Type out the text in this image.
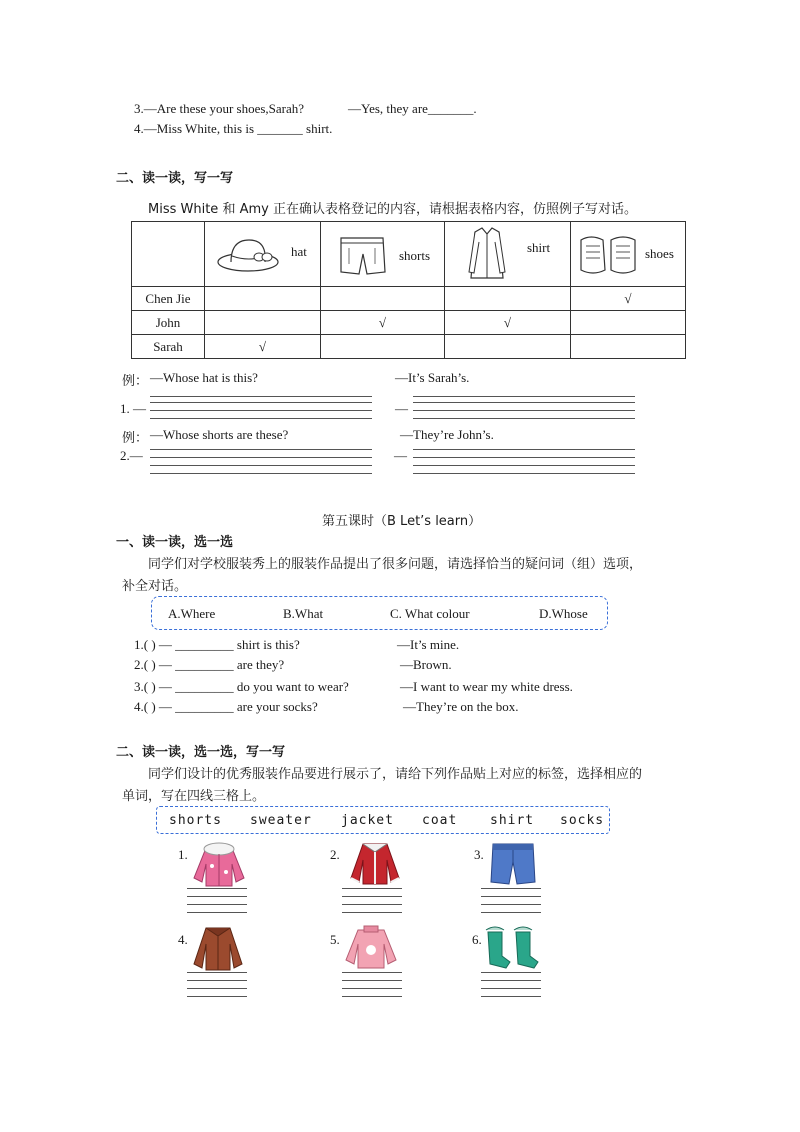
3.—Are these your shoes,Sarah?	—Yes, they are_______.
4.—Miss White, this is _______ shirt.
二、读一读，写一写
Miss White 和 Amy 正在确认表格登记的内容，请根据表格内容，仿照例子写对话。

	hat	shorts	shirt	shoes

Chen Jie				√
John		√	√	
Sarah	√			
例： —Whose hat is this?	—It’s Sarah’s.
1. —	—
例： —Whose shorts are these?	—They’re John’s.
2.—	—
第五课时（B Let’s learn）
一、读一读，选一选
同学们对学校服装秀上的服装作品提出了很多问题，请选择恰当的疑问词（组）选项，
补全对话。
A.Where	B.What	C. What colour	D.Whose
1.( ) — _________ shirt is this?	—It’s mine.
2.( ) — _________ are they?	—Brown.
3.( ) — _________ do you want to wear?	—I want to wear my white dress.
4.( ) — _________ are your socks?	—They’re on the box.
二、读一读，选一选，写一写
同学们设计的优秀服装作品要进行展示了，请给下列作品贴上对应的标签，选择相应的
单词，写在四线三格上。
shorts sweater jacket coat	shirt socks
1.	2.	3.
4.	5.	6.
